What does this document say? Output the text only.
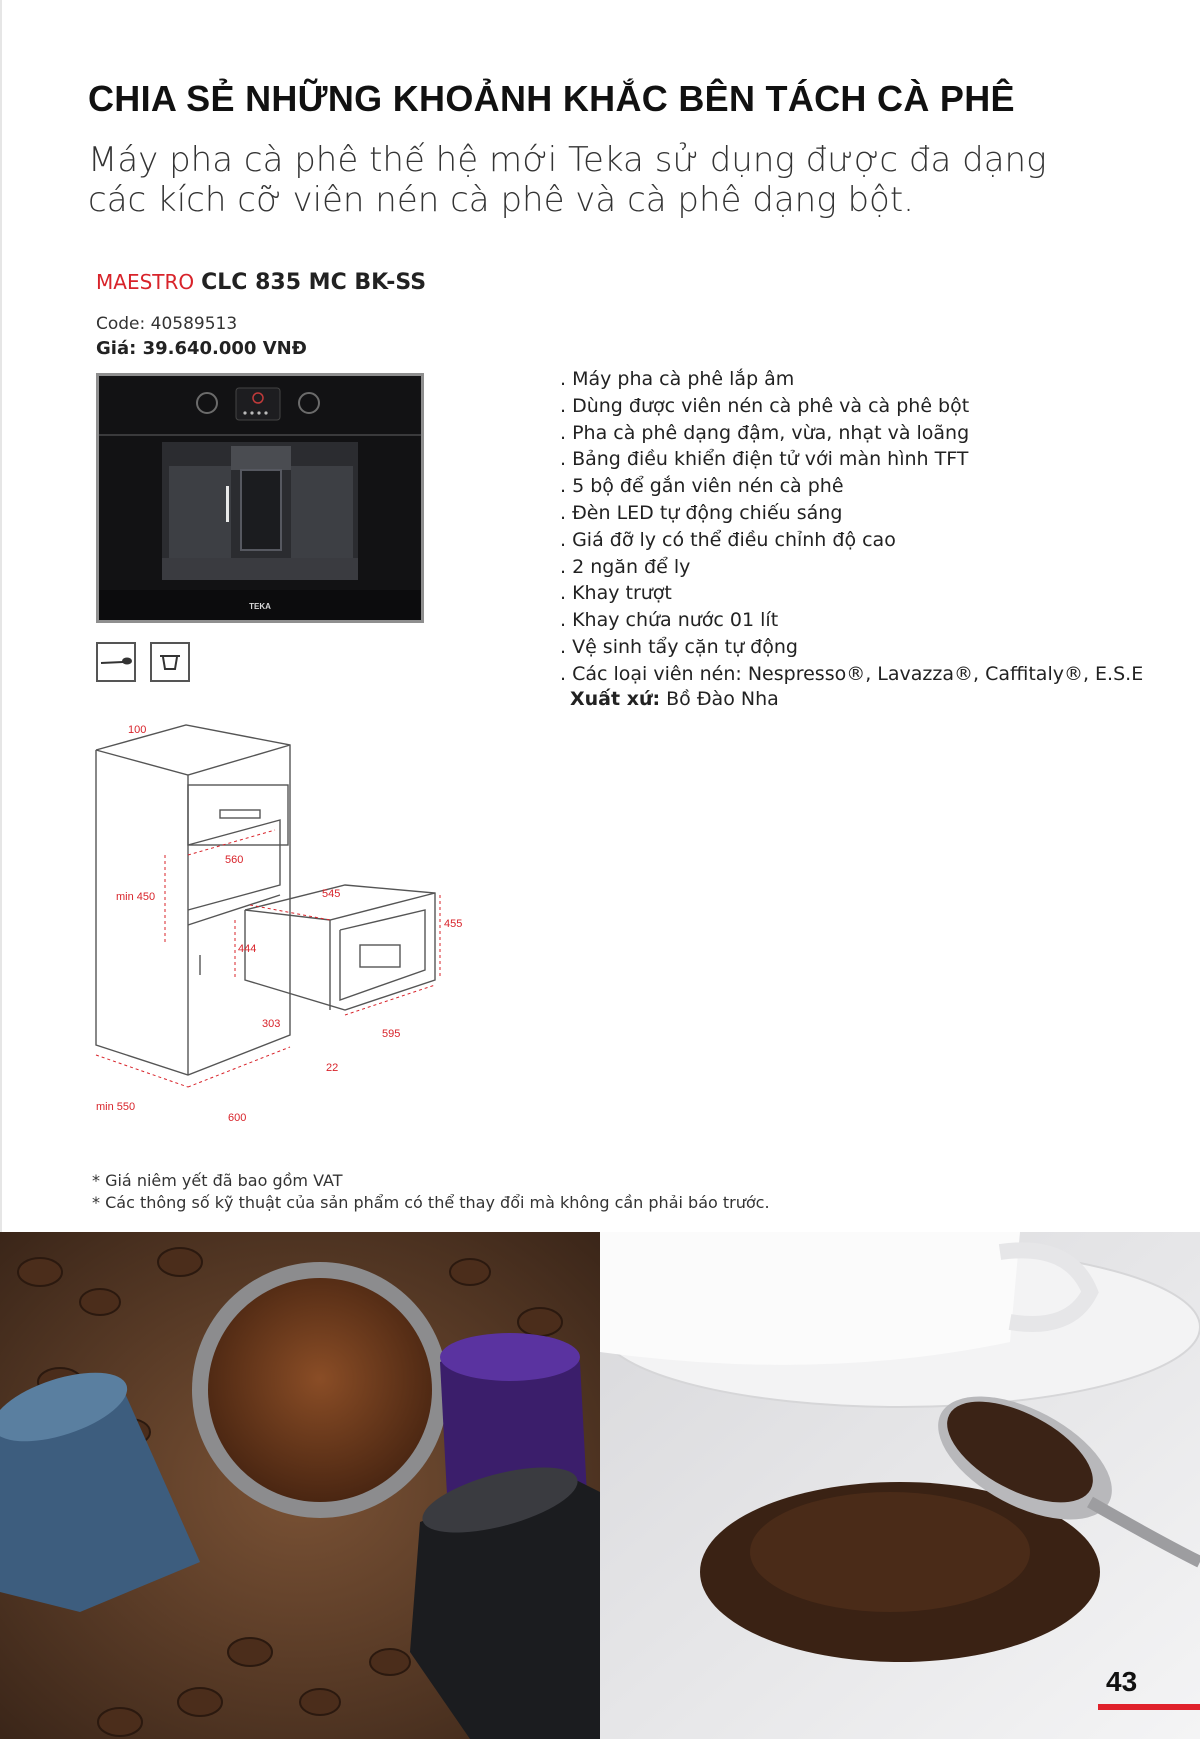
CHIA SẺ NHỮNG KHOẢNH KHẮC BÊN TÁCH CÀ PHÊ
Máy pha cà phê thế hệ mới Teka sử dụng được đa dạng
các kích cỡ viên nén cà phê và cà phê dạng bột.
MAESTRO CLC 835 MC BK-SS
Code: 40589513
Giá: 39.640.000 VNĐ
TEKA
. Máy pha cà phê lắp âm
. Dùng được viên nén cà phê và cà phê bột
. Pha cà phê dạng đậm, vừa, nhạt và loãng
. Bảng điều khiển điện tử với màn hình TFT
. 5 bộ để gắn viên nén cà phê
. Đèn LED tự động chiếu sáng
. Giá đỡ ly có thể điều chỉnh độ cao
. 2 ngăn để ly
. Khay trượt
. Khay chứa nước 01 lít
. Vệ sinh tẩy cặn tự động
. Các loại viên nén: Nespresso®, Lavazza®, Caffitaly®, E.S.E
Xuất xứ: Bồ Đào Nha
100
560
min 450	545
455
444
303
595
22
min 550
600
* Giá niêm yết đã bao gồm VAT
* Các thông số kỹ thuật của sản phẩm có thể thay đổi mà không cần phải báo trước.
43
